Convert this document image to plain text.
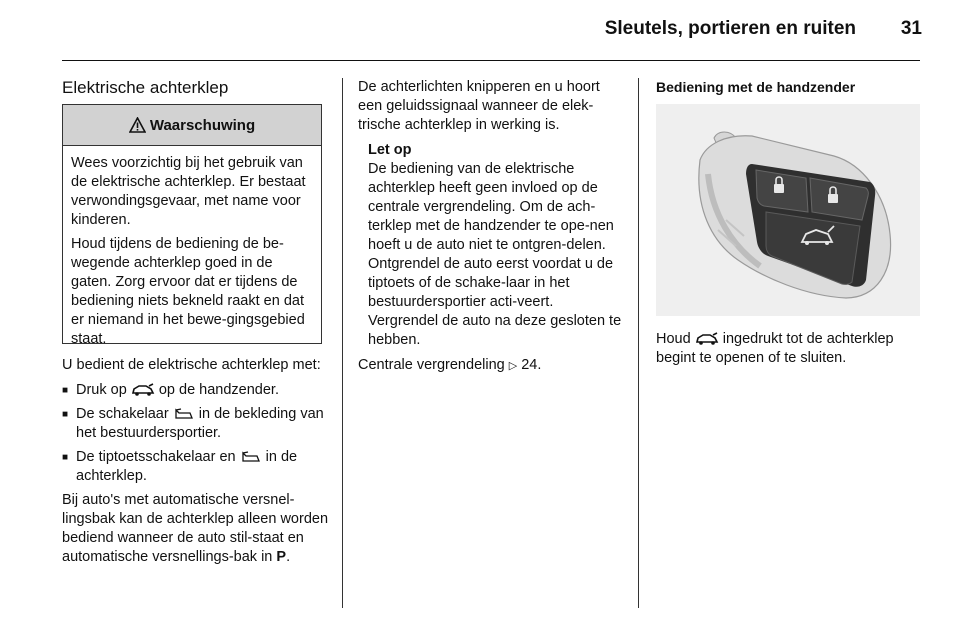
Sleutels, portieren en ruiten	31
Elektrische achterklep
Waarschuwing

Wees voorzichtig bij het gebruik van de elektrische achterklep. Er bestaat verwondingsgevaar, met name voor kinderen.

Houd tijdens de bediening de be-wegende achterklep goed in de gaten. Zorg ervoor dat er tijdens de bediening niets bekneld raakt en dat er niemand in het bewe-gingsgebied staat.

U bedient de elektrische achterklep met:

■ Druk op op de handzender.
■ De schakelaar in de bekleding van het bestuurdersportier.
■ De tiptoetsschakelaar en in de achterklep.

Bij auto's met automatische versnel-lingsbak kan de achterklep alleen worden bediend wanneer de auto stil-staat en automatische versnellings-bak in P.

De achterlichten knipperen en u hoort een geluidssignaal wanneer de elek-trische achterklep in werking is.

Let op
De bediening van de elektrische achterklep heeft geen invloed op de centrale vergrendeling. Om de ach-terklep met de handzender te ope-nen hoeft u de auto niet te ontgren-delen. Ontgrendel de auto eerst voordat u de tiptoets of de schake-laar in het bestuurdersportier acti-veert. Vergrendel de auto na deze gesloten te hebben.

Centrale vergrendeling ▷ 24.

Bediening met de handzender

Houd ingedrukt tot de achterklep begint te openen of te sluiten.
